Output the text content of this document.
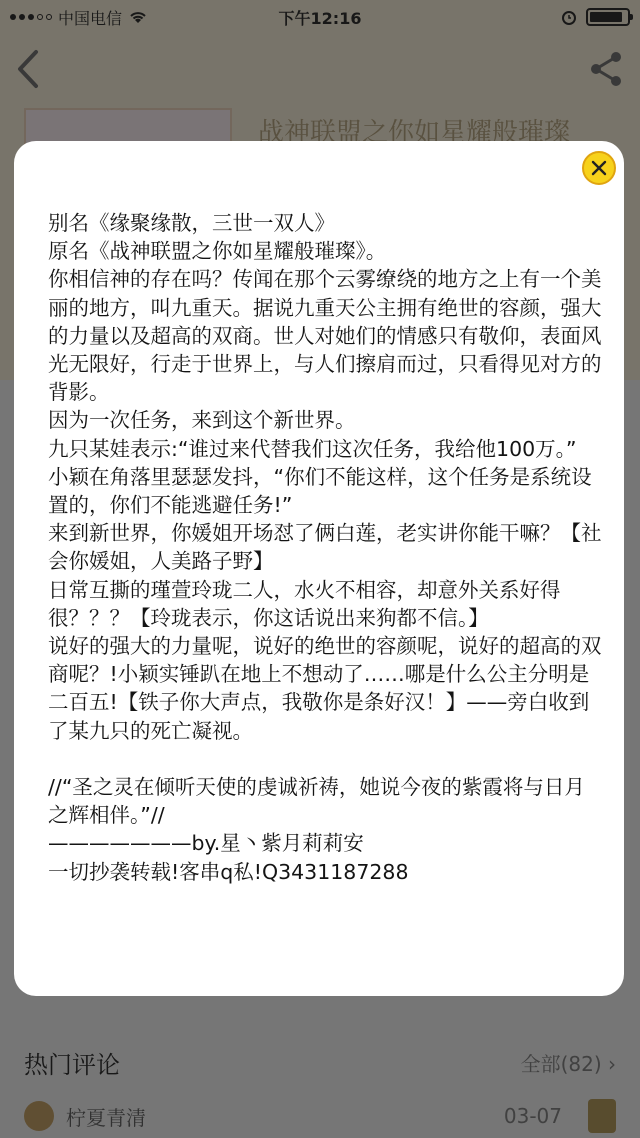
别名《缘聚缘散，三世一双人》

原名《战神联盟之你如星耀般璀璨》。

你相信神的存在吗？传闻在那个云雾缭绕的地方之上有一个美丽的地方，叫九重天。据说九重天公主拥有绝世的容颜，强大的力量以及超高的双商。世人对她们的情感只有敬仰，表面风光无限好，行走于世界上，与人们擦肩而过，只看得见对方的背影。

因为一次任务，来到这个新世界。

九只某娃表示:“谁过来代替我们这次任务，我给他100万。”

小颖在角落里瑟瑟发抖，“你们不能这样，这个任务是系统设置的，你们不能逃避任务!”

来到新世界，你媛姐开场怼了俩白莲，老实讲你能干嘛？【社会你媛姐，人美路子野】

日常互撕的瑾萱玲珑二人，水火不相容，却意外关系好得很？？？【玲珑表示，你这话说出来狗都不信。】

说好的强大的力量呢，说好的绝世的容颜呢，说好的超高的双商呢？!小颖实锤趴在地上不想动了……哪是什么公主分明是二百五!【铁子你大声点，我敬你是条好汉！】——旁白收到了某九只的死亡凝视。

//“圣之灵在倾听天使的虔诚祈祷，她说今夜的紫霞将与日月之辉相伴。”//

———————by.星丶紫月莉莉安

一切抄袭转载!客串q私!Q3431187288
